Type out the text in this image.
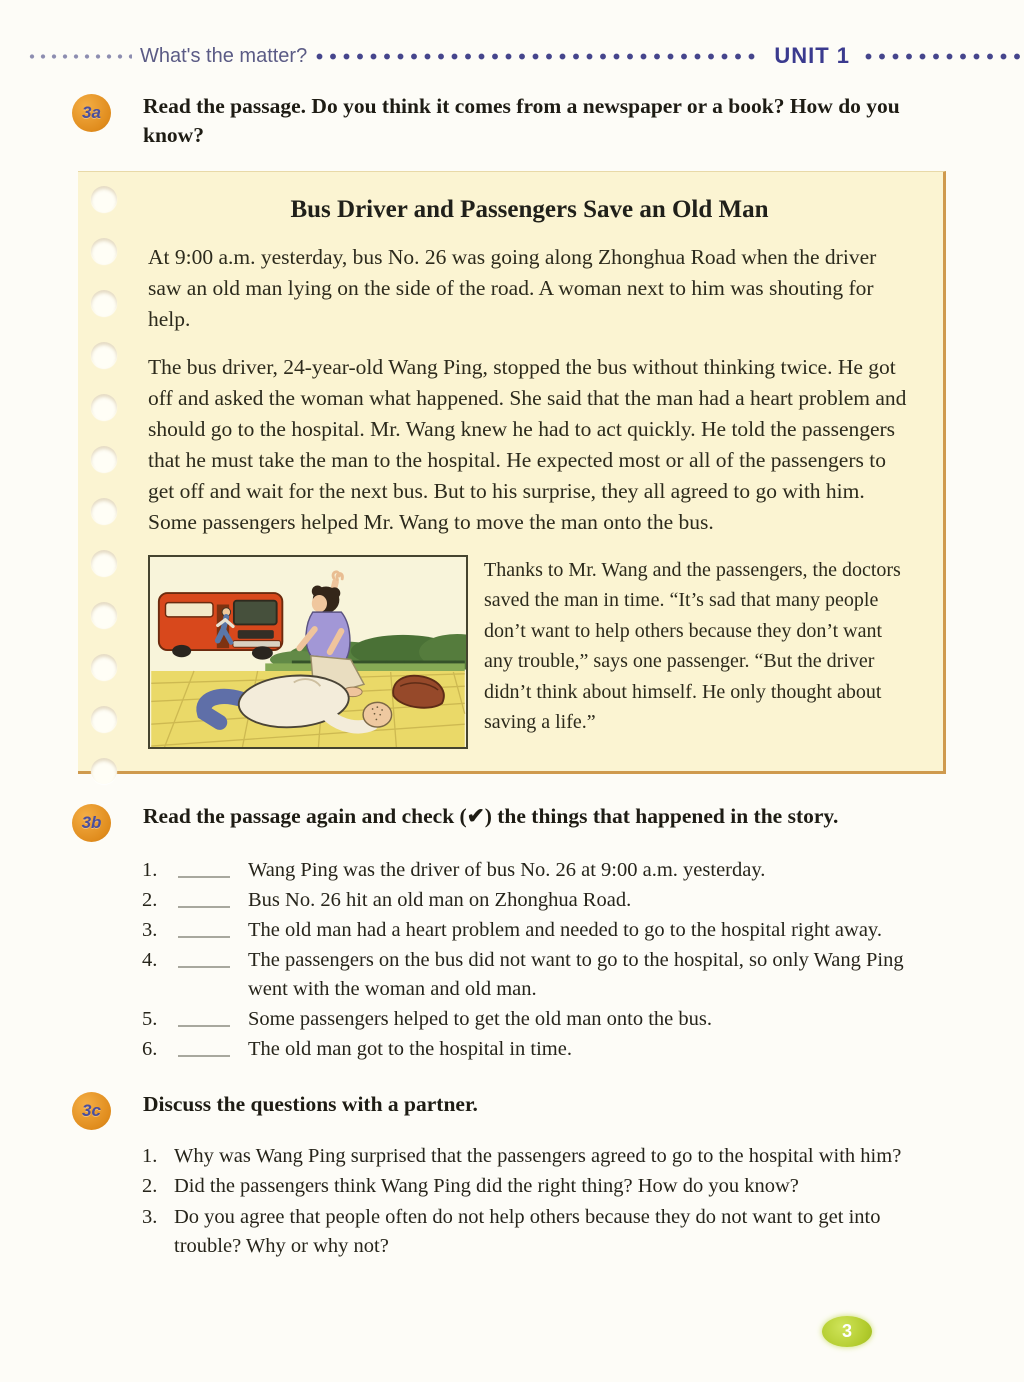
What's the matter?	UNIT 1
3a	Read the passage. Do you think it comes from a newspaper or a book? How do you know?
Bus Driver and Passengers Save an Old Man
At 9:00 a.m. yesterday, bus No. 26 was going along Zhonghua Road when the driver saw an old man lying on the side of the road. A woman next to him was shouting for help.
The bus driver, 24-year-old Wang Ping, stopped the bus without thinking twice. He got off and asked the woman what happened. She said that the man had a heart problem and should go to the hospital. Mr. Wang knew he had to act quickly. He told the passengers that he must take the man to the hospital. He expected most or all of the passengers to get off and wait for the next bus. But to his surprise, they all agreed to go with him. Some passengers helped Mr. Wang to move the man onto the bus.
Thanks to Mr. Wang and the passengers, the doctors saved the man in time. “It’s sad that many people don’t want to help others because they don’t want any trouble,” says one passenger. “But the driver didn’t think about himself. He only thought about saving a life.”
3b	Read the passage again and check (✔) the things that happened in the story.
1.	Wang Ping was the driver of bus No. 26 at 9:00 a.m. yesterday.
2.	Bus No. 26 hit an old man on Zhonghua Road.
3.	The old man had a heart problem and needed to go to the hospital right away.
4.	The passengers on the bus did not want to go to the hospital, so only Wang Ping went with the woman and old man.
5.	Some passengers helped to get the old man onto the bus.
6.	The old man got to the hospital in time.
3c	Discuss the questions with a partner.
1. Why was Wang Ping surprised that the passengers agreed to go to the hospital with him?
2. Did the passengers think Wang Ping did the right thing? How do you know?
3. Do you agree that people often do not help others because they do not want to get into trouble? Why or why not?
3
